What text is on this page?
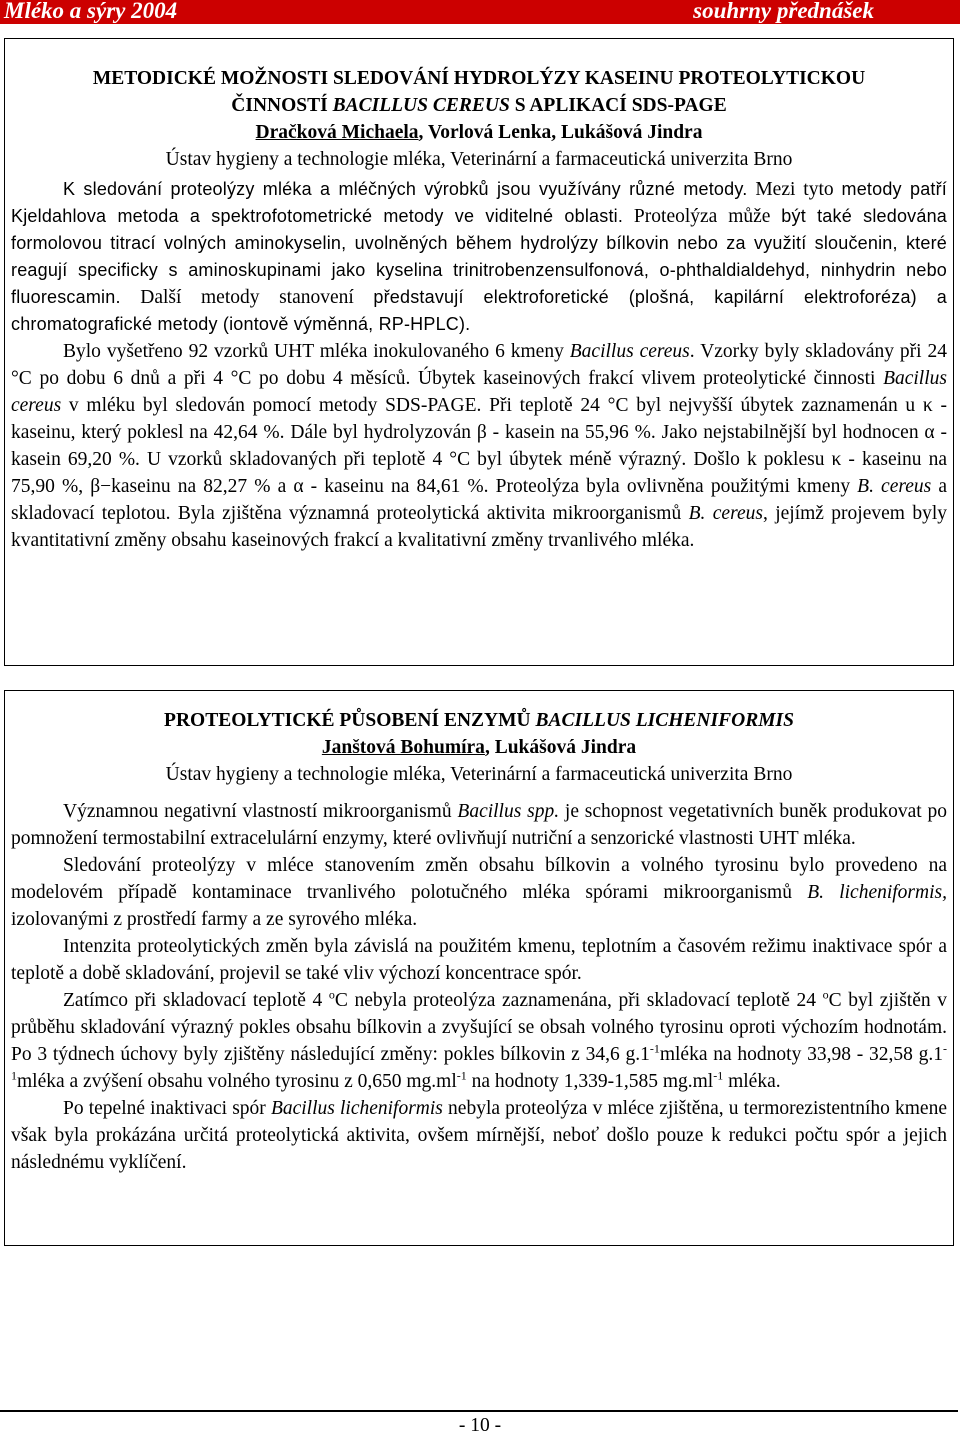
Mléko a sýry 2004	souhrny přednášek
METODICKÉ MOŽNOSTI SLEDOVÁNÍ HYDROLÝZY KASEINU PROTEOLYTICKOU
ČINNOSTÍ BACILLUS CEREUS S APLIKACÍ SDS-PAGE
Dračková Michaela, Vorlová Lenka, Lukášová Jindra
Ústav hygieny a technologie mléka, Veterinární a farmaceutická univerzita Brno

K sledování proteolýzy mléka a mléčných výrobků jsou využívány různé metody. Mezi tyto metody patří Kjeldahlova metoda a spektrofotometrické metody ve viditelné oblasti. Proteolýza může být také sledována formolovou titrací volných aminokyselin, uvolněných během hydrolýzy bílkovin nebo za využití sloučenin, které reagují specificky s aminoskupinami jako kyselina trinitrobenzensulfonová, o-phthaldialdehyd, ninhydrin nebo fluorescamin. Další metody stanovení představují elektroforetické (plošná, kapilární elektroforéza) a chromatografické metody (iontově výměnná, RP-HPLC).

Bylo vyšetřeno 92 vzorků UHT mléka inokulovaného 6 kmeny Bacillus cereus. Vzorky byly skladovány při 24 °C po dobu 6 dnů a při 4 °C po dobu 4 měsíců. Úbytek kaseinových frakcí vlivem proteolytické činnosti Bacillus cereus v mléku byl sledován pomocí metody SDS-PAGE. Při teplotě 24 °C byl nejvyšší úbytek zaznamenán u κ - kaseinu, který poklesl na 42,64 %. Dále byl hydrolyzován β - kasein na 55,96 %. Jako nejstabilnější byl hodnocen α - kasein 69,20 %. U vzorků skladovaných při teplotě 4 °C byl úbytek méně výrazný. Došlo k poklesu κ - kaseinu na 75,90 %, β−kaseinu na 82,27 % a α - kaseinu na 84,61 %. Proteolýza byla ovlivněna použitými kmeny B. cereus a skladovací teplotou. Byla zjištěna významná proteolytická aktivita mikroorganismů B. cereus, jejímž projevem byly kvantitativní změny obsahu kaseinových frakcí a kvalitativní změny trvanlivého mléka.

PROTEOLYTICKÉ PŮSOBENÍ ENZYMŮ BACILLUS LICHENIFORMIS
Janštová Bohumíra, Lukášová Jindra
Ústav hygieny a technologie mléka, Veterinární a farmaceutická univerzita Brno

Významnou negativní vlastností mikroorganismů Bacillus spp. je schopnost vegetativních buněk produkovat po pomnožení termostabilní extracelulární enzymy, které ovlivňují nutriční a senzorické vlastnosti UHT mléka.

Sledování proteolýzy v mléce stanovením změn obsahu bílkovin a volného tyrosinu bylo provedeno na modelovém případě kontaminace trvanlivého polotučného mléka spórami mikroorganismů B. licheniformis, izolovanými z prostředí farmy a ze syrového mléka.

Intenzita proteolytických změn byla závislá na použitém kmenu, teplotním a časovém režimu inaktivace spór a teplotě a době skladování, projevil se také vliv výchozí koncentrace spór.

Zatímco při skladovací teplotě 4 $^o$C nebyla proteolýza zaznamenána, při skladovací teplotě 24 $^o$C byl zjištěn v průběhu skladování výrazný pokles obsahu bílkovin a zvyšující se obsah volného tyrosinu oproti výchozím hodnotám. Po 3 týdnech úchovy byly zjištěny následující změny: pokles bílkovin z 34,6 $g.1^{-1}mléka$ na hodnoty 33,98 - 32,58 $g.1^{-1}mléka$ a zvýšení obsahu volného tyrosinu z 0,650 $mg.ml^{-1}$ na hodnoty 1,339-1,585 $mg.ml^{-1}$ mléka.

Po tepelné inaktivaci spór Bacillus licheniformis nebyla proteolýza v mléce zjištěna, u termorezistentního kmene však byla prokázána určitá proteolytická aktivita, ovšem mírnější, neboť došlo pouze k redukci počtu spór a jejich následnému vyklíčení.

- 10 -
